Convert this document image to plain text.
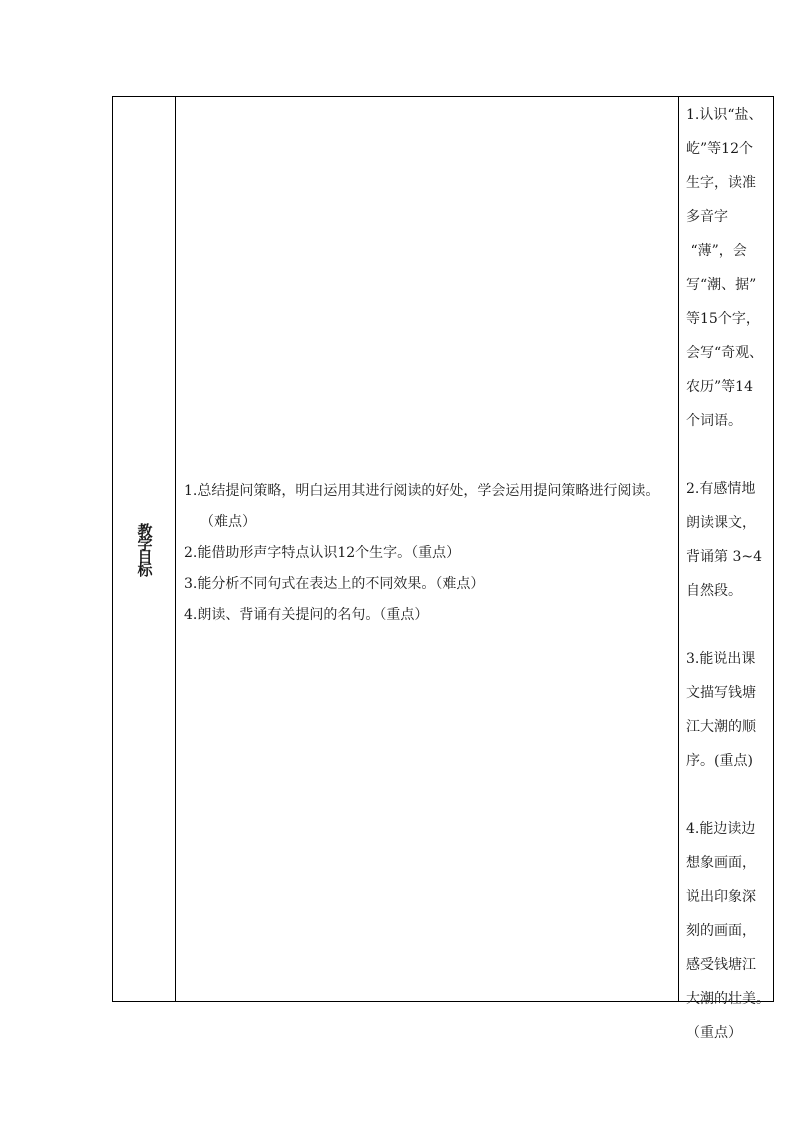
教学目标
1.总结提问策略，明白运用其进行阅读的好处，学会运用提问策略进行阅读。（难点）
2.能借助形声字特点认识12个生字。（重点）
3.能分析不同句式在表达上的不同效果。（难点）
4.朗读、背诵有关提问的名句。（重点）
1.认识“盐、
屹”等12个
生字，读准
多音字
“薄”，会
写“潮、据”
等15个字，
会写“奇观、
农历”等14
个词语。
2.有感情地
朗读课文，
背诵第 3~4
自然段。
3.能说出课
文描写钱塘
江大潮的顺
序。(重点)
4.能边读边
想象画面，
说出印象深
刻的画面，
感受钱塘江
大潮的壮美。
（重点）
